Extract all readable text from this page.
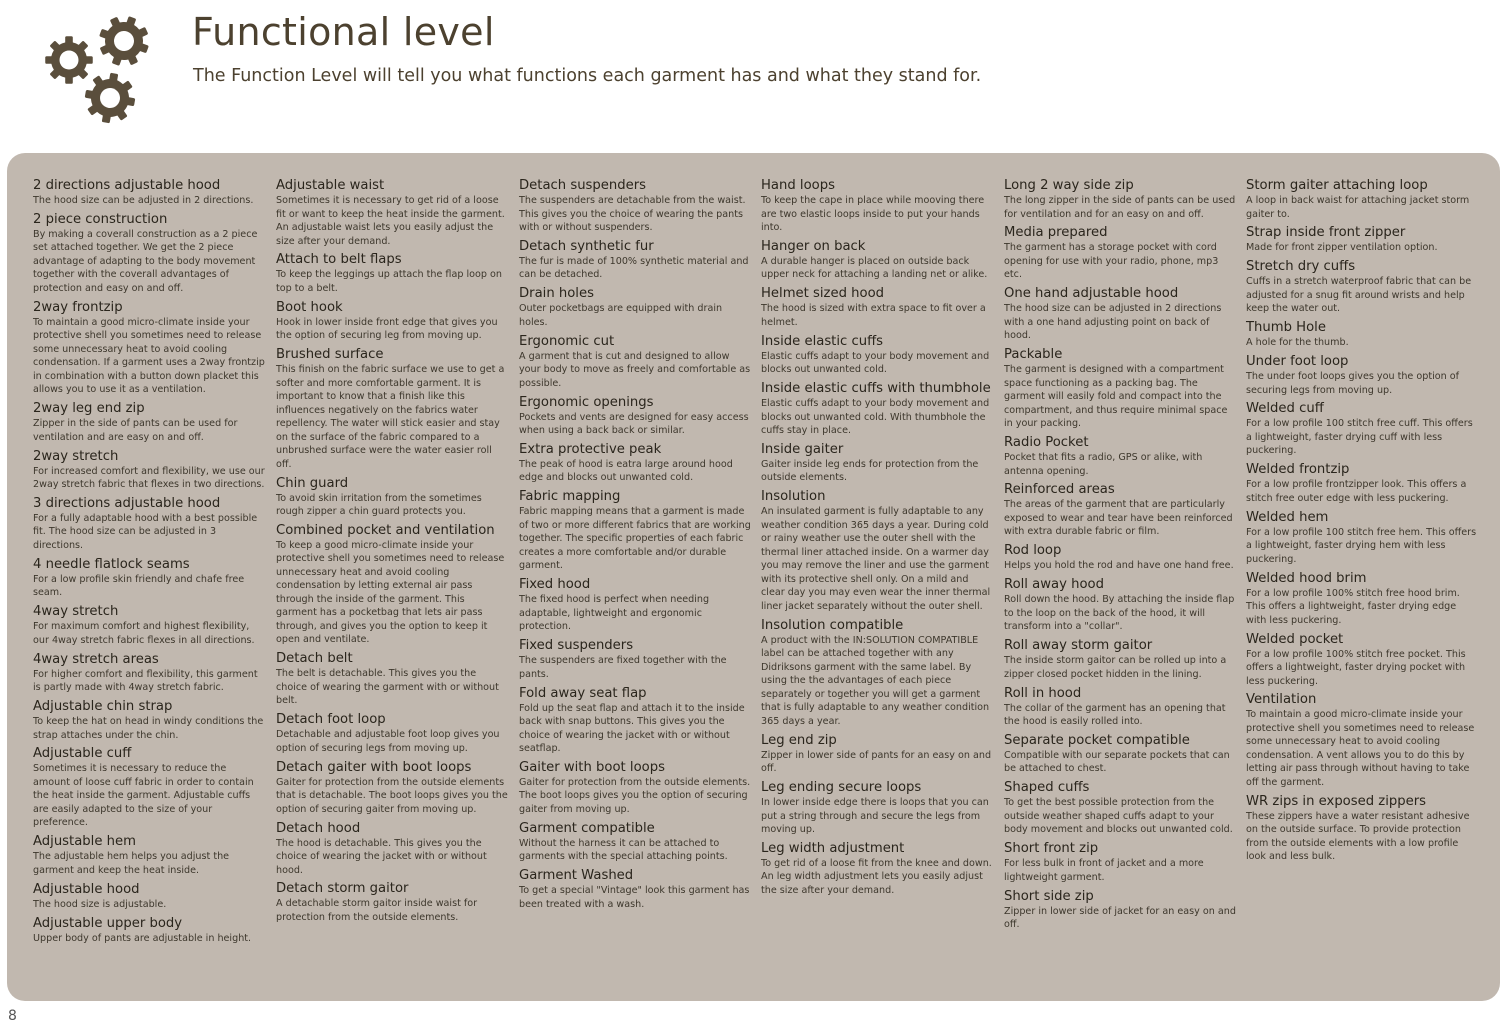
Functional level

The Function Level will tell you what functions each garment has and what they stand for.

2 directions adjustable hood
The hood size can be adjusted in 2 directions.
2 piece construction
By making a coverall construction as a 2 piece set attached together. We get the 2 piece advantage of adapting to the body movement together with the coverall advantages of protection and easy on and off.
2way frontzip
To maintain a good micro-climate inside your protective shell you sometimes need to release some unnecessary heat to avoid cooling condensation. If a garment uses a 2way frontzip in combination with a button down placket this allows you to use it as a ventilation.
2way leg end zip
Zipper in the side of pants can be used for ventilation and are easy on and off.
2way stretch
For increased comfort and flexibility, we use our 2way stretch fabric that flexes in two directions.
3 directions adjustable hood
For a fully adaptable hood with a best possible fit. The hood size can be adjusted in 3 directions.
4 needle flatlock seams
For a low profile skin friendly and chafe free seam.
4way stretch
For maximum comfort and highest flexibility, our 4way stretch fabric flexes in all directions.
4way stretch areas
For higher comfort and flexibility, this garment is partly made with 4way stretch fabric.
Adjustable chin strap
To keep the hat on head in windy conditions the strap attaches under the chin.
Adjustable cuff
Sometimes it is necessary to reduce the amount of loose cuff fabric in order to contain the heat inside the garment. Adjustable cuffs are easily adapted to the size of your preference.
Adjustable hem
The adjustable hem helps you adjust the garment and keep the heat inside.
Adjustable hood
The hood size is adjustable.
Adjustable upper body
Upper body of pants are adjustable in height.
Adjustable waist
Sometimes it is necessary to get rid of a loose fit or want to keep the heat inside the garment. An adjustable waist lets you easily adjust the size after your demand.
Attach to belt flaps
To keep the leggings up attach the flap loop on top to a belt.
Boot hook
Hook in lower inside front edge that gives you the option of securing leg from moving up.
Brushed surface
This finish on the fabric surface we use to get a softer and more comfortable garment. It is important to know that a finish like this influences negatively on the fabrics water repellency. The water will stick easier and stay on the surface of the fabric compared to a unbrushed surface were the water easier roll off.
Chin guard
To avoid skin irritation from the sometimes rough zipper a chin guard protects you.
Combined pocket and ventilation
To keep a good micro-climate inside your protective shell you sometimes need to release unnecessary heat and avoid cooling condensation by letting external air pass through the inside of the garment. This garment has a pocketbag that lets air pass through, and gives you the option to keep it open and ventilate.
Detach belt
The belt is detachable. This gives you the choice of wearing the garment with or without belt.
Detach foot loop
Detachable and adjustable foot loop gives you option of securing legs from moving up.
Detach gaiter with boot loops
Gaiter for protection from the outside elements that is detachable. The boot loops gives you the option of securing gaiter from moving up.
Detach hood
The hood is detachable. This gives you the choice of wearing the jacket with or without hood.
Detach storm gaitor
A detachable storm gaitor inside waist for protection from the outside elements.
Detach suspenders
The suspenders are detachable from the waist. This gives you the choice of wearing the pants with or without suspenders.
Detach synthetic fur
The fur is made of 100% synthetic material and can be detached.
Drain holes
Outer pocketbags are equipped with drain holes.
Ergonomic cut
A garment that is cut and designed to allow your body to move as freely and comfortable as possible.
Ergonomic openings
Pockets and vents are designed for easy access when using a back back or similar.
Extra protective peak
The peak of hood is eatra large around hood edge and blocks out unwanted cold.
Fabric mapping
Fabric mapping means that a garment is made of two or more different fabrics that are working together. The specific properties of each fabric creates a more comfortable and/or durable garment.
Fixed hood
The fixed hood is perfect when needing adaptable, lightweight and ergonomic protection.
Fixed suspenders
The suspenders are fixed together with the pants.
Fold away seat flap
Fold up the seat flap and attach it to the inside back with snap buttons. This gives you the choice of wearing the jacket with or without seatflap.
Gaiter with boot loops
Gaiter for protection from the outside elements. The boot loops gives you the option of securing gaiter from moving up.
Garment compatible
Without the harness it can be attached to garments with the special attaching points.
Garment Washed
To get a special "Vintage" look this garment has been treated with a wash.
Hand loops
To keep the cape in place while mooving there are two elastic loops inside to put your hands into.
Hanger on back
A durable hanger is placed on outside back upper neck for attaching a landing net or alike.
Helmet sized hood
The hood is sized with extra space to fit over a helmet.
Inside elastic cuffs
Elastic cuffs adapt to your body movement and blocks out unwanted cold.
Inside elastic cuffs with thumbhole
Elastic cuffs adapt to your body movement and blocks out unwanted cold. With thumbhole the cuffs stay in place.
Inside gaiter
Gaiter inside leg ends for protection from the outside elements.
Insolution
An insulated garment is fully adaptable to any weather condition 365 days a year. During cold or rainy weather use the outer shell with the thermal liner attached inside. On a warmer day you may remove the liner and use the garment with its protective shell only. On a mild and clear day you may even wear the inner thermal liner jacket separately without the outer shell.
Insolution compatible
A product with the IN:SOLUTION COMPATIBLE label can be attached together with any Didriksons garment with the same label. By using the the advantages of each piece separately or together you will get a garment that is fully adaptable to any weather condition 365 days a year.
Leg end zip
Zipper in lower side of pants for an easy on and off.
Leg ending secure loops
In lower inside edge there is loops that you can put a string through and secure the legs from moving up.
Leg width adjustment
To get rid of a loose fit from the knee and down. An leg width adjustment lets you easily adjust the size after your demand.
Long 2 way side zip
The long zipper in the side of pants can be used for ventilation and for an easy on and off.
Media prepared
The garment has a storage pocket with cord opening for use with your radio, phone, mp3 etc.
One hand adjustable hood
The hood size can be adjusted in 2 directions with a one hand adjusting point on back of hood.
Packable
The garment is designed with a compartment space functioning as a packing bag. The garment will easily fold and compact into the compartment, and thus require minimal space in your packing.
Radio Pocket
Pocket that fits a radio, GPS or alike, with antenna opening.
Reinforced areas
The areas of the garment that are particularly exposed to wear and tear have been reinforced with extra durable fabric or film.
Rod loop
Helps you hold the rod and have one hand free.
Roll away hood
Roll down the hood. By attaching the inside flap to the loop on the back of the hood, it will transform into a "collar".
Roll away storm gaitor
The inside storm gaitor can be rolled up into a zipper closed pocket hidden in the lining.
Roll in hood
The collar of the garment has an opening that the hood is easily rolled into.
Separate pocket compatible
Compatible with our separate pockets that can be attached to chest.
Shaped cuffs
To get the best possible protection from the outside weather shaped cuffs adapt to your body movement and blocks out unwanted cold.
Short front zip
For less bulk in front of jacket and a more lightweight garment.
Short side zip
Zipper in lower side of jacket for an easy on and off.
Storm gaiter attaching loop
A loop in back waist for attaching jacket storm gaiter to.
Strap inside front zipper
Made for front zipper ventilation option.
Stretch dry cuffs
Cuffs in a stretch waterproof fabric that can be adjusted for a snug fit around wrists and help keep the water out.
Thumb Hole
A hole for the thumb.
Under foot loop
The under foot loops gives you the option of securing legs from moving up.
Welded cuff
For a low profile 100 stitch free cuff. This offers a lightweight, faster drying cuff with less puckering.
Welded frontzip
For a low profile frontzipper look. This offers a stitch free outer edge with less puckering.
Welded hem
For a low profile 100 stitch free hem. This offers a lightweight, faster drying hem with less puckering.
Welded hood brim
For a low profile 100% stitch free hood brim. This offers a lightweight, faster drying edge with less puckering.
Welded pocket
For a low profile 100% stitch free pocket. This offers a lightweight, faster drying pocket with less puckering.
Ventilation
To maintain a good micro-climate inside your protective shell you sometimes need to release some unnecessary heat to avoid cooling condensation. A vent allows you to do this by letting air pass through without having to take off the garment.
WR zips in exposed zippers
These zippers have a water resistant adhesive on the outside surface. To provide protection from the outside elements with a low profile look and less bulk.
8
